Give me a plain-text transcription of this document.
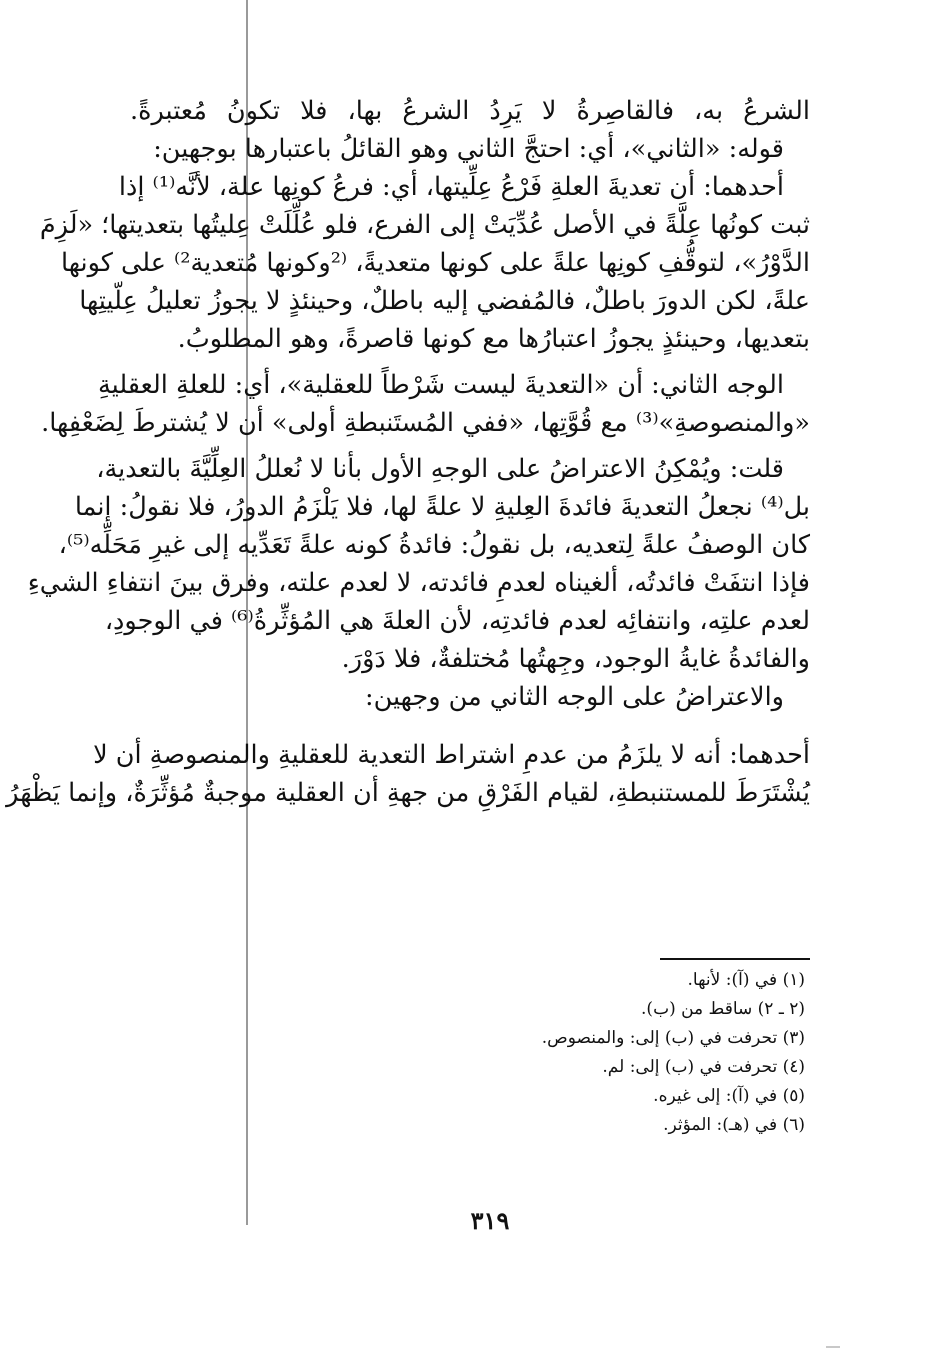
الشرعُ به، فالقاصِرةُ لا يَرِدُ الشرعُ بها، فلا تكونُ مُعتبرةً.
قوله: «الثاني»، أي: احتجَّ الثاني وهو القائلُ باعتبارها بوجهين:
أحدهما: أن تعديةَ العلةِ فَرْعُ عِلِّيتها، أي: فرعُ كونِها علة، لأنَّه⁽¹⁾ إذا
ثبت كونُها عِلَّةً في الأصل عُدِّيَتْ إلى الفرع، فلو عُلِّلَتْ عِليتُها بتعديتها؛ «لَزِمَ
الدَّوْرُ»، لتوقُّفِ كونِها علةً على كونها متعديةً، ⁽²وكونها مُتعدية²⁾ على كونها
علةً، لكن الدورَ باطلٌ، فالمُفضي إليه باطلٌ، وحينئذٍ لا يجوزُ تعليلُ عِلّيتِها
بتعديها، وحينئذٍ يجوزُ اعتبارُها مع كونها قاصرةً، وهو المطلوبُ.
الوجه الثاني: أن «التعديةَ ليست شَرْطاً للعقلية»، أي: للعلةِ العقليةِ
«والمنصوصةِ»⁽³⁾ مع قُوَّتِها، «ففي المُستَنبطةِ أولى» أن لا يُشترطَ لِضَعْفِها.
قلت: ويُمْكِنُ الاعتراضُ على الوجهِ الأول بأنا لا نُعللُ العِلِّيَّةَ بالتعدية،
بل⁽⁴⁾ نجعلُ التعديةَ فائدةَ العِليةِ لا علةً لها، فلا يَلْزَمُ الدورُ، فلا نقولُ: إنما
كان الوصفُ علةً لِتعديه، بل نقولُ: فائدةُ كونه علةً تَعَدِّيه إلى غيرِ مَحَلِّه⁽⁵⁾،
فإذا انتفَتْ فائدتُه، ألغيناه لعدمِ فائدته، لا لعدم علته، وفرق بينَ انتفاءِ الشيءِ
لعدم علتِه، وانتفائِه لعدم فائدتِه، لأن العلةَ هي المُؤثِّرةُ⁽⁶⁾ في الوجودِ،
والفائدةُ غايةُ الوجود، وجِهتُها مُختلفةٌ، فلا دَوْرَ.
والاعتراضُ على الوجه الثاني من وجهين:
أحدهما: أنه لا يلزَمُ من عدمِ اشتراط التعدية للعقليةِ والمنصوصةِ أن لا
يُشْتَرَطَ للمستنبطةِ، لقيام الفَرْقِ من جهةِ أن العقلية موجبةٌ مُؤثِّرَةٌ، وإنما يَظْهَرُ
(١) في (آ): لأنها.
(٢ ـ ٢) ساقط من (ب).
(٣) تحرفت في (ب) إلى: والمنصوص.
(٤) تحرفت في (ب) إلى: لم.
(٥) في (آ): إلى غيره.
(٦) في (هـ): المؤثر.
٣١٩
